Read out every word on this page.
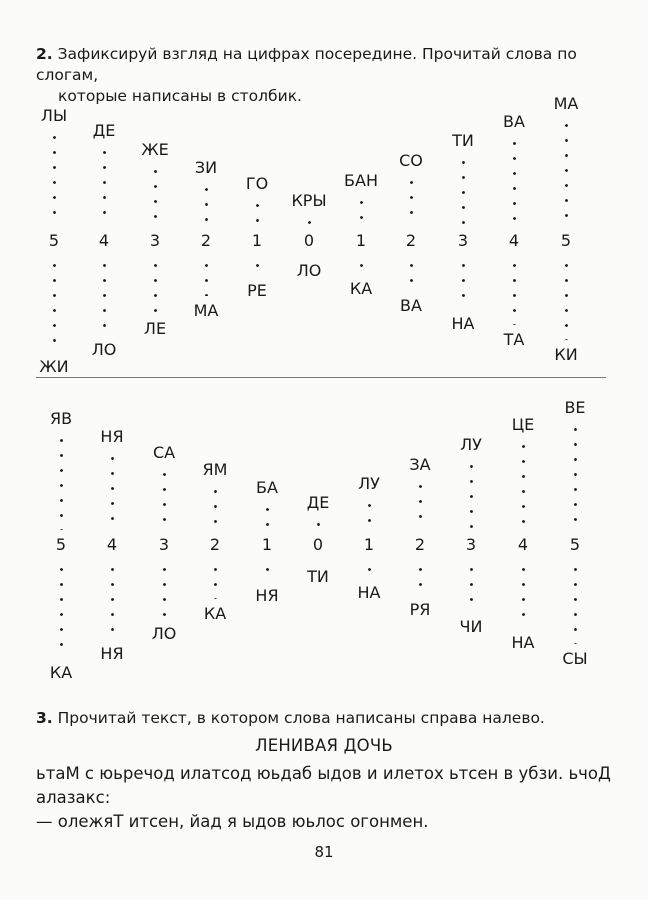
2. Зафиксируй взгляд на цифрах посередине. Прочитай слова по слогам,
которые написаны в столбик.
ЛЫ
5
ЖИ
ДЕ
4
ЛО
ЖЕ
3
ЛЕ
ЗИ
2
МА
ГО
1
РЕ
КРЫ
0
ЛО
БАН
1
КА
СО
2
ВА
ТИ
3
НА
ВА
4
ТА
МА
5
КИ
ЯВ
5
КА
НЯ
4
НЯ
СА
3
ЛО
ЯМ
2
КА
БА
1
НЯ
ДЕ
0
ТИ
ЛУ
1
НА
ЗА
2
РЯ
ЛУ
3
ЧИ
ЦЕ
4
НА
ВЕ
5
СЫ
3. Прочитай текст, в котором слова написаны справа налево.
ЛЕНИВАЯ ДОЧЬ
ьтаМ с юьречод илатсод юьдаб ыдов и илетох ьтсен в убзи. ьчоД
алазакс:
— олежяТ итсен, йад я ыдов юьлос огонмен.
81
